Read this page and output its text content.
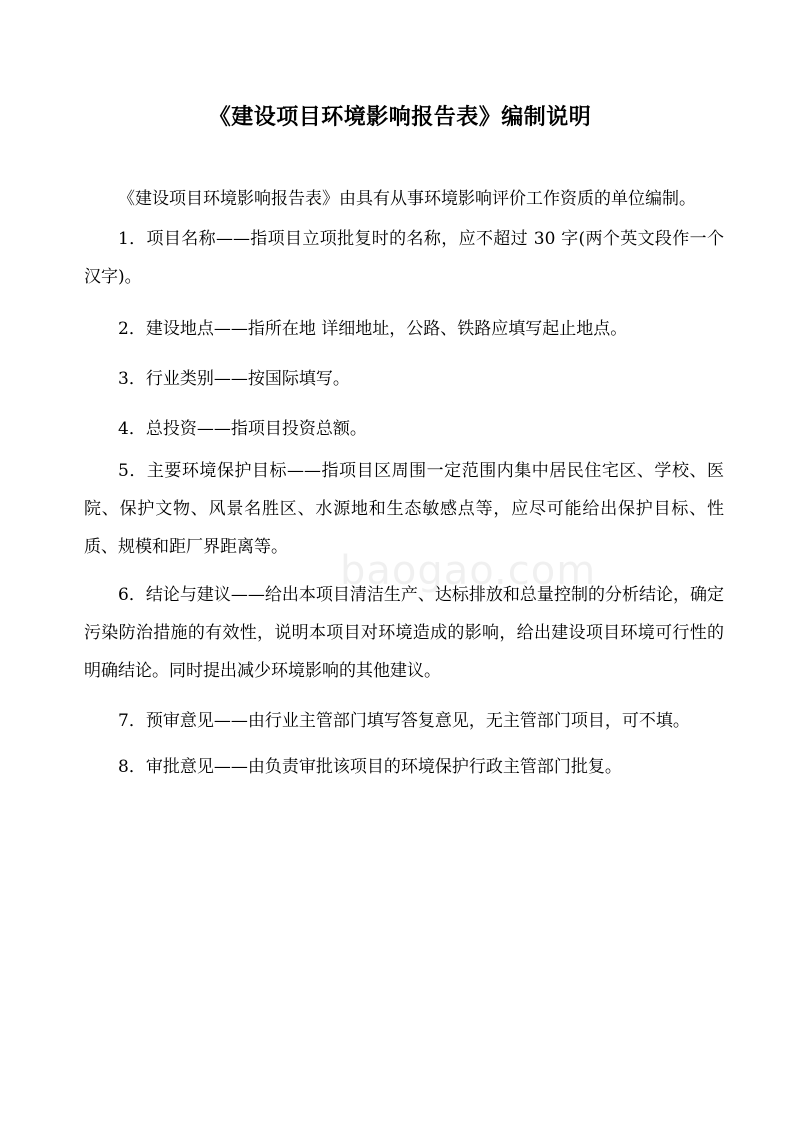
《建设项目环境影响报告表》编制说明

《建设项目环境影响报告表》由具有从事环境影响评价工作资质的单位编制。

1．项目名称——指项目立项批复时的名称，应不超过 30 字(两个英文段作一个汉字)。

2．建设地点——指所在地 详细地址，公路、铁路应填写起止地点。

3．行业类别——按国际填写。

4．总投资——指项目投资总额。

5．主要环境保护目标——指项目区周围一定范围内集中居民住宅区、学校、医院、保护文物、风景名胜区、水源地和生态敏感点等，应尽可能给出保护目标、性质、规模和距厂界距离等。

6．结论与建议——给出本项目清洁生产、达标排放和总量控制的分析结论，确定污染防治措施的有效性，说明本项目对环境造成的影响，给出建设项目环境可行性的明确结论。同时提出减少环境影响的其他建议。

7．预审意见——由行业主管部门填写答复意见，无主管部门项目，可不填。

8．审批意见——由负责审批该项目的环境保护行政主管部门批复。

baogao.com
